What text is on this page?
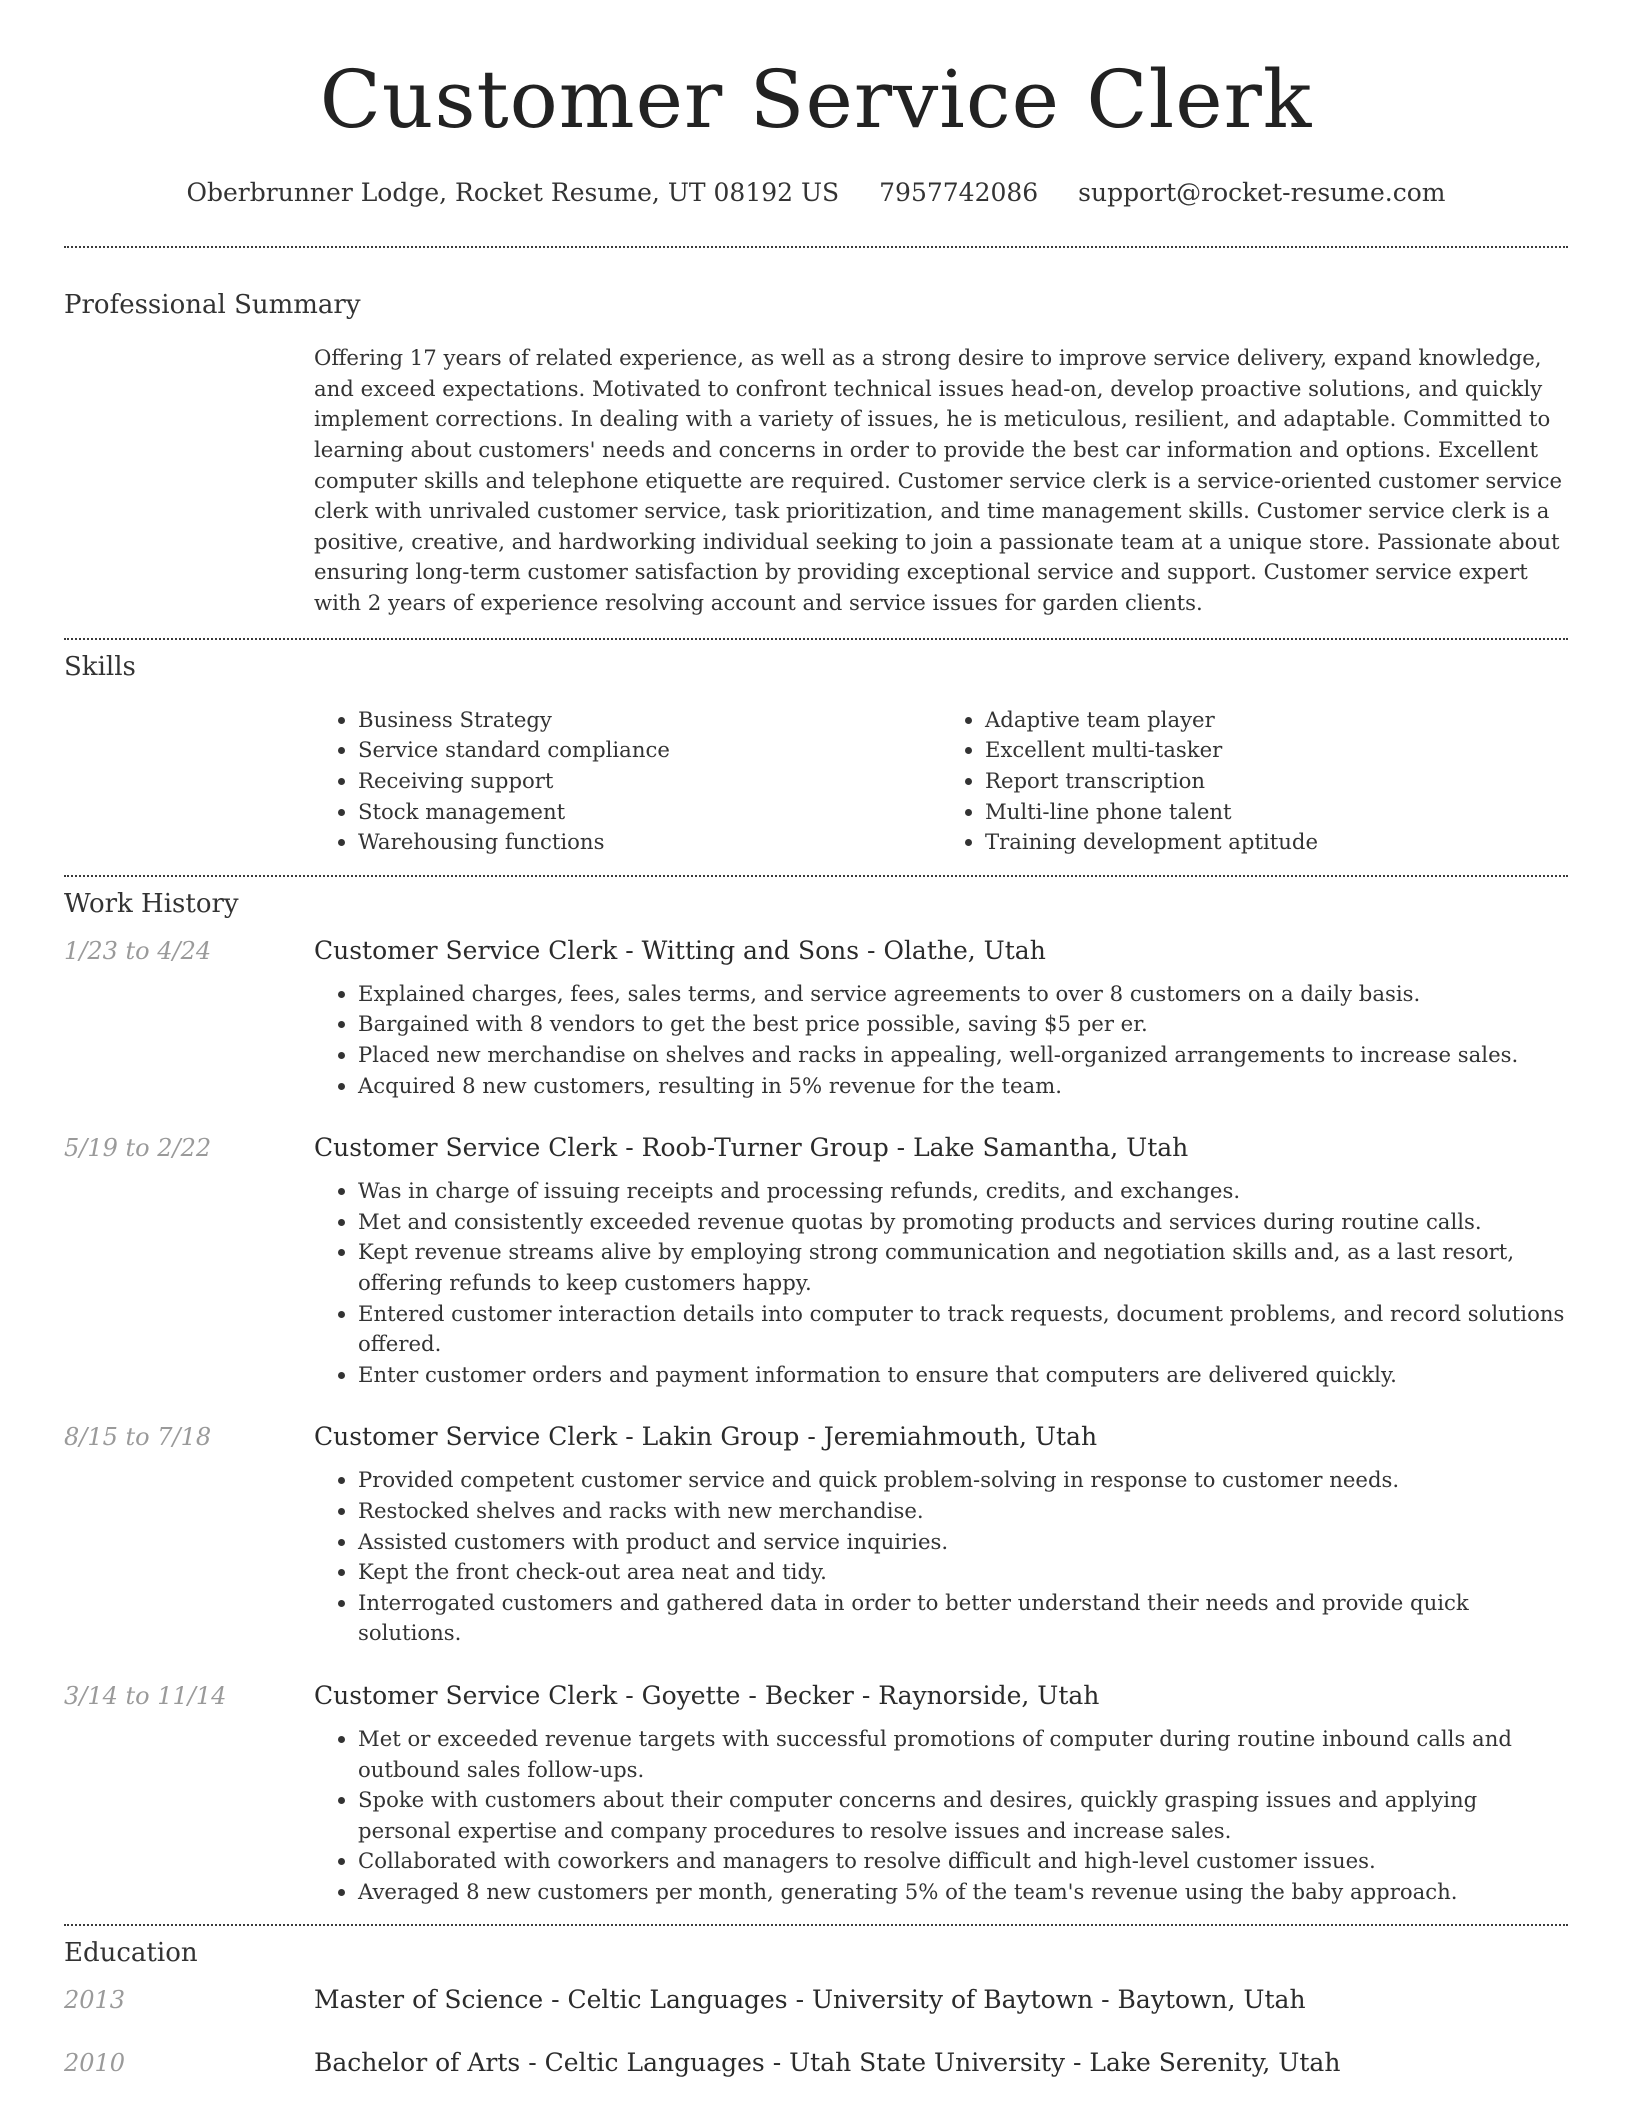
Customer Service Clerk
Oberbrunner Lodge, Rocket Resume, UT 08192 US 7957742086 support@rocket-resume.com
Professional Summary
Offering 17 years of related experience, as well as a strong desire to improve service delivery, expand knowledge, and exceed expectations. Motivated to confront technical issues head-on, develop proactive solutions, and quickly implement corrections. In dealing with a variety of issues, he is meticulous, resilient, and adaptable. Committed to learning about customers' needs and concerns in order to provide the best car information and options. Excellent computer skills and telephone etiquette are required. Customer service clerk is a service-oriented customer service clerk with unrivaled customer service, task prioritization, and time management skills. Customer service clerk is a positive, creative, and hardworking individual seeking to join a passionate team at a unique store. Passionate about ensuring long-term customer satisfaction by providing exceptional service and support. Customer service expert with 2 years of experience resolving account and service issues for garden clients.
Skills
• Business Strategy
• Service standard compliance
• Receiving support
• Stock management
• Warehousing functions
• Adaptive team player
• Excellent multi-tasker
• Report transcription
• Multi-line phone talent
• Training development aptitude
Work History
1/23 to 4/24	Customer Service Clerk - Witting and Sons - Olathe, Utah
• Explained charges, fees, sales terms, and service agreements to over 8 customers on a daily basis.
• Bargained with 8 vendors to get the best price possible, saving $5 per er.
• Placed new merchandise on shelves and racks in appealing, well-organized arrangements to increase sales.
• Acquired 8 new customers, resulting in 5% revenue for the team.
5/19 to 2/22	Customer Service Clerk - Roob-Turner Group - Lake Samantha, Utah
• Was in charge of issuing receipts and processing refunds, credits, and exchanges.
• Met and consistently exceeded revenue quotas by promoting products and services during routine calls.
• Kept revenue streams alive by employing strong communication and negotiation skills and, as a last resort, offering refunds to keep customers happy.
• Entered customer interaction details into computer to track requests, document problems, and record solutions offered.
• Enter customer orders and payment information to ensure that computers are delivered quickly.
8/15 to 7/18	Customer Service Clerk - Lakin Group - Jeremiahmouth, Utah
• Provided competent customer service and quick problem-solving in response to customer needs.
• Restocked shelves and racks with new merchandise.
• Assisted customers with product and service inquiries.
• Kept the front check-out area neat and tidy.
• Interrogated customers and gathered data in order to better understand their needs and provide quick solutions.
3/14 to 11/14	Customer Service Clerk - Goyette - Becker - Raynorside, Utah
• Met or exceeded revenue targets with successful promotions of computer during routine inbound calls and outbound sales follow-ups.
• Spoke with customers about their computer concerns and desires, quickly grasping issues and applying personal expertise and company procedures to resolve issues and increase sales.
• Collaborated with coworkers and managers to resolve difficult and high-level customer issues.
• Averaged 8 new customers per month, generating 5% of the team's revenue using the baby approach.
Education
2013	Master of Science - Celtic Languages - University of Baytown - Baytown, Utah
2010	Bachelor of Arts - Celtic Languages - Utah State University - Lake Serenity, Utah
